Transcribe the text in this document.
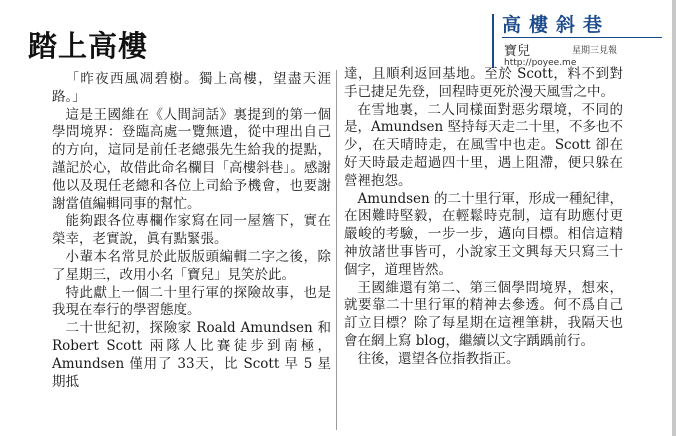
踏上高樓
高樓斜巷
寶兒	星期三見報
http://poyee.me

「昨夜西風凋碧樹。獨上高樓，望盡天涯路。」

這是王國維在《人間詞話》裏提到的第一個學問境界：登臨高處一覽無遺，從中理出自己的方向，這同是前任老總張先生給我的提點，謹記於心，故借此命名欄目「高樓斜巷」。感謝他以及現任老總和各位上司給予機會，也要謝謝當值編輯同事的幫忙。

能夠跟各位專欄作家寫在同一屋簷下，實在榮幸，老實說，眞有點緊張。

小輩本名常見於此版版頭編輯二字之後，除了星期三，改用小名「寶兒」見笑於此。

特此獻上一個二十里行軍的探險故事，也是我現在奉行的學習態度。

二十世紀初，探險家 Roald Amundsen 和 Robert Scott 兩隊人比賽徒步到南極，Amundsen 僅用了 33天，比 Scott 早 5 星期抵

達，且順利返回基地。至於 Scott，料不到對手已捷足先登，回程時更死於漫天風雪之中。

在雪地裏，二人同樣面對惡劣環境，不同的是，Amundsen 堅持每天走二十里，不多也不少，在天晴時走，在風雪中也走。Scott 卻在好天時最走超過四十里，遇上阻滯，便只躲在營裡抱怨。

Amundsen 的二十里行軍，形成一種紀律，在困難時堅毅，在輕鬆時克制，這有助應付更嚴峻的考驗，一步一步，邁向目標。相信這精神放諸世事皆可，小說家王文興每天只寫三十個字，道理皆然。

王國維還有第二、第三個學問境界，想來，就要靠二十里行軍的精神去參透。何不爲自己訂立目標？除了每星期在這裡筆耕，我隔天也會在網上寫 blog，繼續以文字踽踽前行。

往後，還望各位指教指正。
